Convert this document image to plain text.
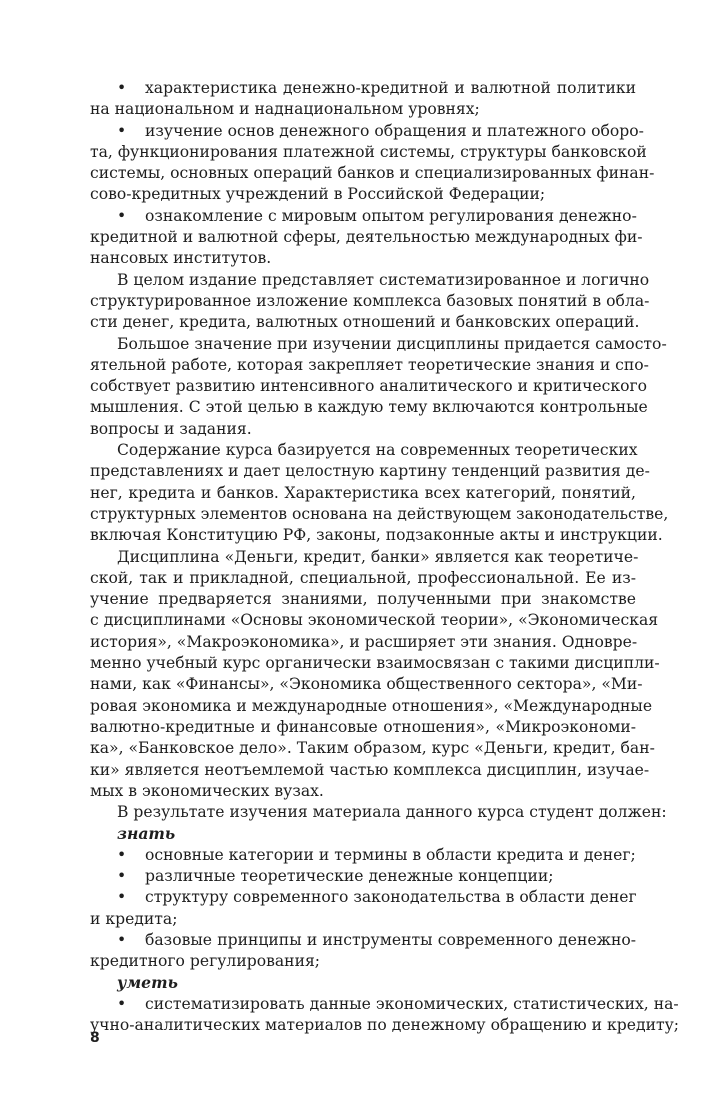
• характеристика денежно-кредитной и валютной политики
на национальном и наднациональном уровнях;
• изучение основ денежного обращения и платежного оборо-
та, функционирования платежной системы, структуры банковской
системы, основных операций банков и специализированных финан-
сово-кредитных учреждений в Российской Федерации;
• ознакомление с мировым опытом регулирования денежно-
кредитной и валютной сферы, деятельностью международных фи-
нансовых институтов.
В целом издание представляет систематизированное и логично
структурированное изложение комплекса базовых понятий в обла-
сти денег, кредита, валютных отношений и банковских операций.
Большое значение при изучении дисциплины придается самосто-
ятельной работе, которая закрепляет теоретические знания и спо-
собствует развитию интенсивного аналитического и критического
мышления. С этой целью в каждую тему включаются контрольные
вопросы и задания.
Содержание курса базируется на современных теоретических
представлениях и дает целостную картину тенденций развития де-
нег, кредита и банков. Характеристика всех категорий, понятий,
структурных элементов основана на действующем законодательстве,
включая Конституцию РФ, законы, подзаконные акты и инструкции.
Дисциплина «Деньги, кредит, банки» является как теоретиче-
ской, так и прикладной, специальной, профессиональной. Ее из-
учение предваряется знаниями, полученными при знакомстве
с дисциплинами «Основы экономической теории», «Экономическая
история», «Макроэкономика», и расширяет эти знания. Одновре-
менно учебный курс органически взаимосвязан с такими дисципли-
нами, как «Финансы», «Экономика общественного сектора», «Ми-
ровая экономика и международные отношения», «Международные
валютно-кредитные и финансовые отношения», «Микроэкономи-
ка», «Банковское дело». Таким образом, курс «Деньги, кредит, бан-
ки» является неотъемлемой частью комплекса дисциплин, изучае-
мых в экономических вузах.
В результате изучения материала данного курса студент должен:
знать
• основные категории и термины в области кредита и денег;
• различные теоретические денежные концепции;
• структуру современного законодательства в области денег
и кредита;
• базовые принципы и инструменты современного денежно-
кредитного регулирования;
уметь
• систематизировать данные экономических, статистических, на-
учно-аналитических материалов по денежному обращению и кредиту;
8
